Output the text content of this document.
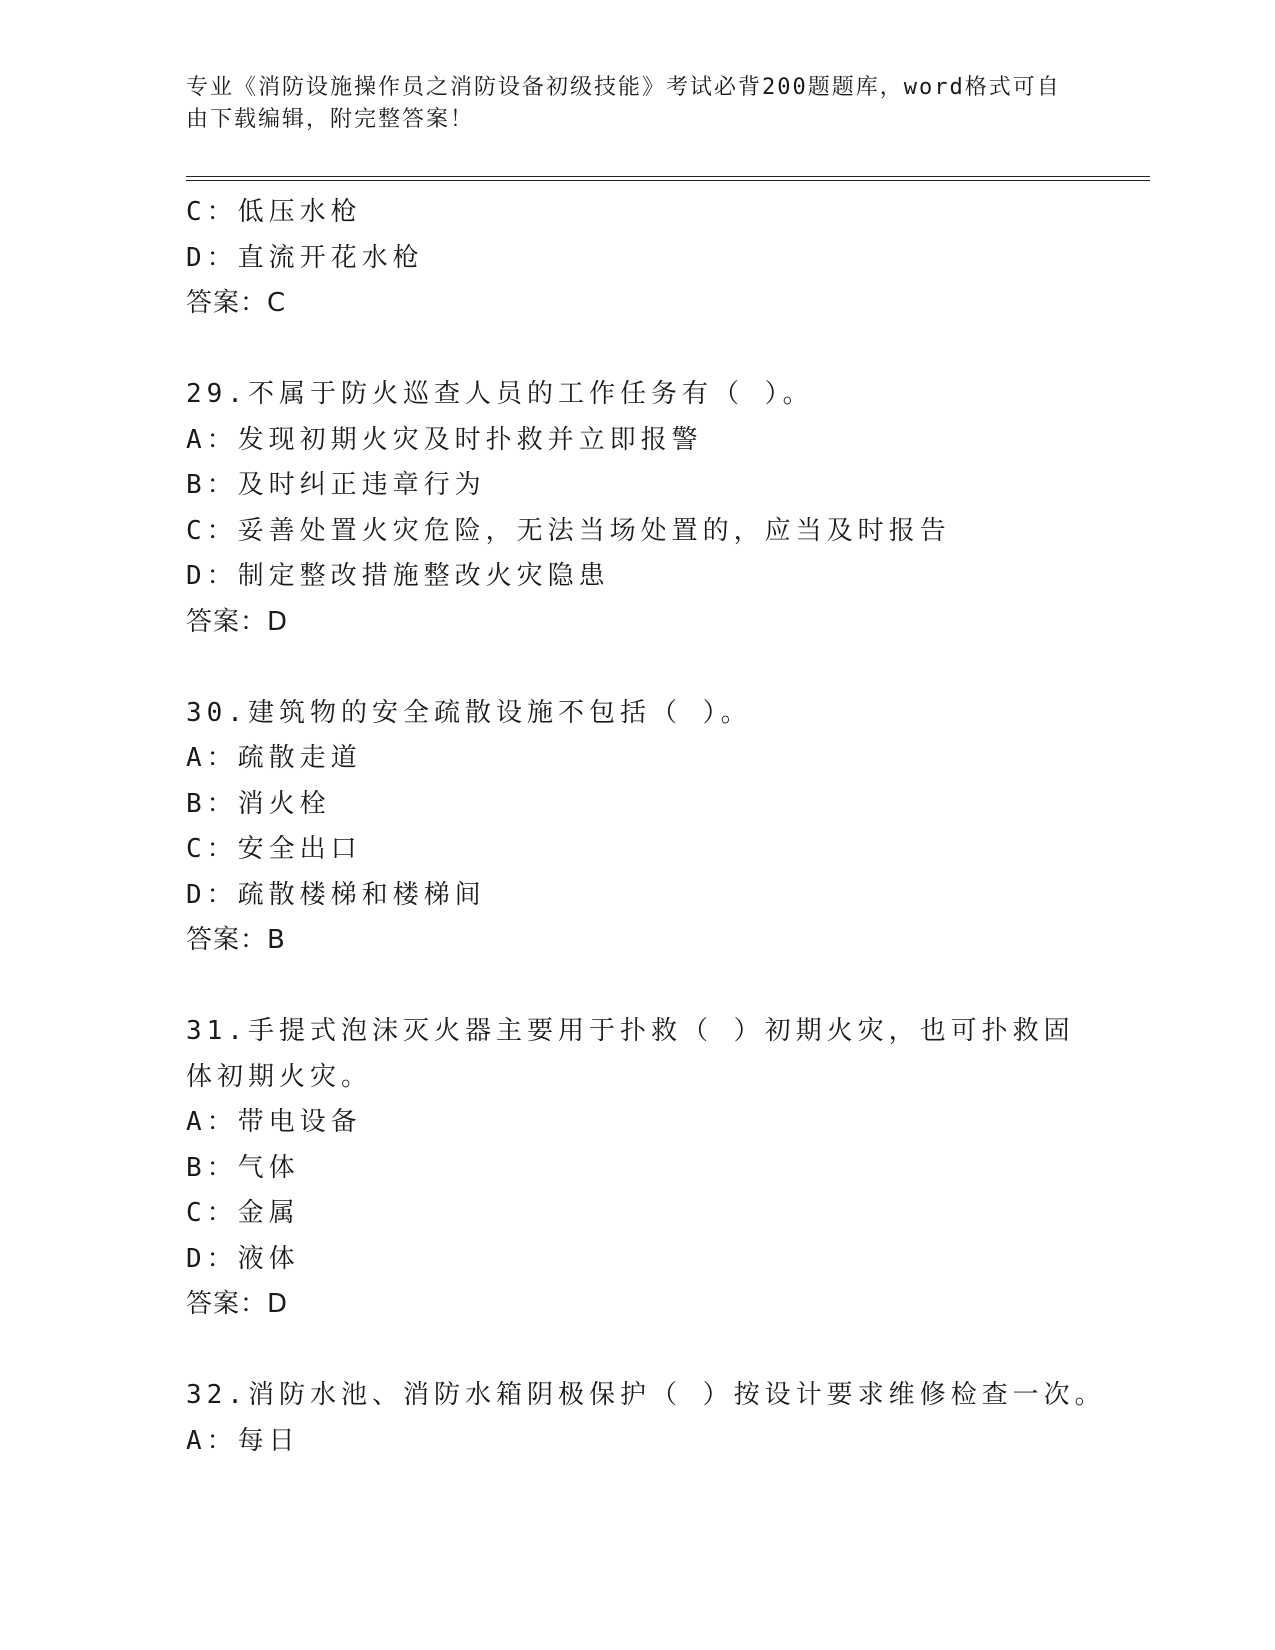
专业《消防设施操作员之消防设备初级技能》考试必背200题题库，word格式可自由下载编辑，附完整答案！
C：低压水枪
D：直流开花水枪
答案：C
29.不属于防火巡查人员的工作任务有（ ）。
A：发现初期火灾及时扑救并立即报警
B：及时纠正违章行为
C：妥善处置火灾危险，无法当场处置的，应当及时报告
D：制定整改措施整改火灾隐患
答案：D
30.建筑物的安全疏散设施不包括（ ）。
A：疏散走道
B：消火栓
C：安全出口
D：疏散楼梯和楼梯间
答案：B
31.手提式泡沫灭火器主要用于扑救（ ）初期火灾，也可扑救固体初期火灾。
A：带电设备
B：气体
C：金属
D：液体
答案：D
32.消防水池、消防水箱阴极保护（ ）按设计要求维修检查一次。
A：每日
